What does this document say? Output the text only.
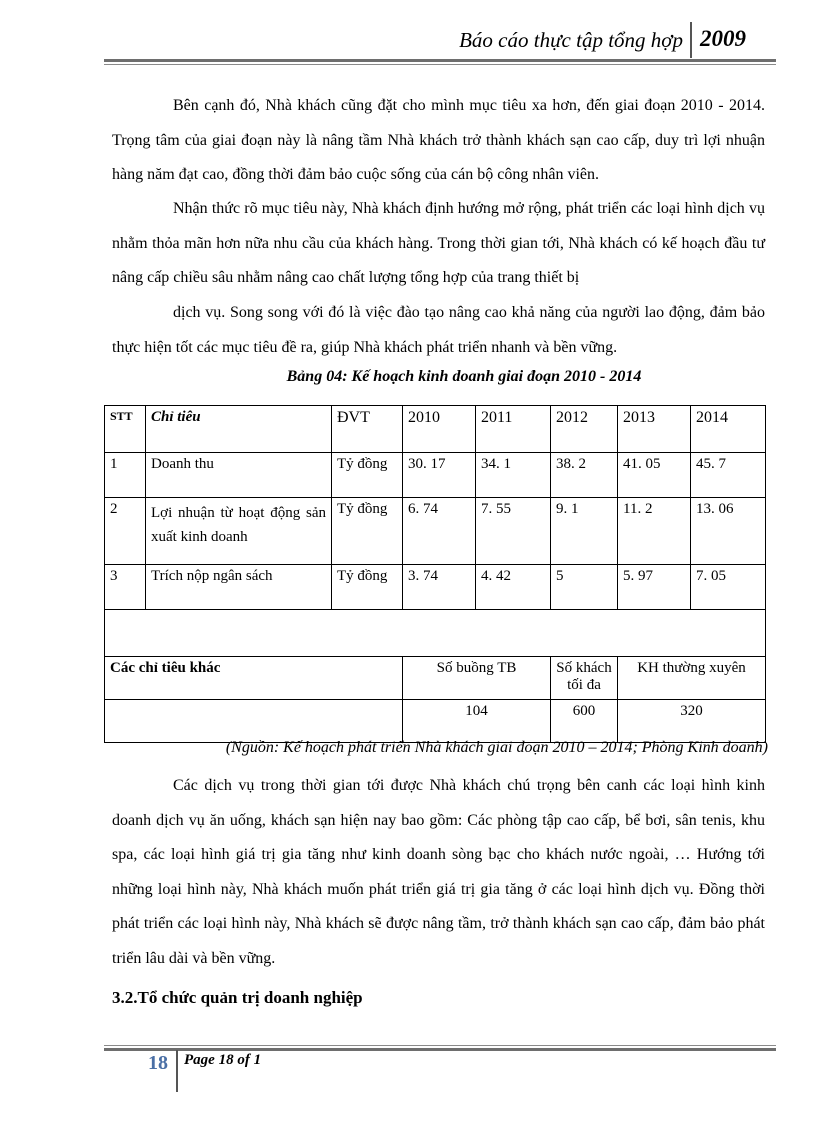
Báo cáo thực tập tổng hợp 2009

Bên cạnh đó, Nhà khách cũng đặt cho mình mục tiêu xa hơn, đến giai đoạn 2010 - 2014. Trọng tâm của giai đoạn này là nâng tầm Nhà khách trở thành khách sạn cao cấp, duy trì lợi nhuận hàng năm đạt cao, đồng thời đảm bảo cuộc sống của cán bộ công nhân viên.

Nhận thức rõ mục tiêu này, Nhà khách định hướng mở rộng, phát triển các loại hình dịch vụ nhằm thỏa mãn hơn nữa nhu cầu của khách hàng. Trong thời gian tới, Nhà khách có kế hoạch đầu tư nâng cấp chiều sâu nhằm nâng cao chất lượng tổng hợp của trang thiết bị

dịch vụ. Song song với đó là việc đào tạo nâng cao khả năng của người lao động, đảm bảo thực hiện tốt các mục tiêu đề ra, giúp Nhà khách phát triển nhanh và bền vững.

Bảng 04: Kế hoạch kinh doanh giai đoạn 2010 - 2014
STT	Chỉ tiêu	ĐVT	2010	2011	2012	2013	2014
1	Doanh thu	Tỷ đồng	30. 17	34. 1	38. 2	41. 05	45. 7
2	Lợi nhuận từ hoạt động sản xuất kinh doanh	Tỷ đồng	6. 74	7. 55	9. 1	11. 2	13. 06
3	Trích nộp ngân sách	Tỷ đồng	3. 74	4. 42	5	5. 97	7. 05

Các chỉ tiêu khác			Số buồng TB		Số khách tối đa	KH thường xuyên	
			104		600	320	
(Nguồn: Kế hoạch phát triển Nhà khách giai đoạn 2010 – 2014; Phòng Kinh doanh)

Các dịch vụ trong thời gian tới được Nhà khách chú trọng bên canh các loại hình kinh doanh dịch vụ ăn uống, khách sạn hiện nay bao gồm: Các phòng tập cao cấp, bể bơi, sân tenis, khu spa, các loại hình giá trị gia tăng như kinh doanh sòng bạc cho khách nước ngoài, … Hướng tới những loại hình này, Nhà khách muốn phát triển giá trị gia tăng ở các loại hình dịch vụ. Đồng thời phát triển các loại hình này, Nhà khách sẽ được nâng tầm, trở thành khách sạn cao cấp, đảm bảo phát triển lâu dài và bền vững.

3.2.Tổ chức quản trị doanh nghiệp
18 Page 18 of 1
